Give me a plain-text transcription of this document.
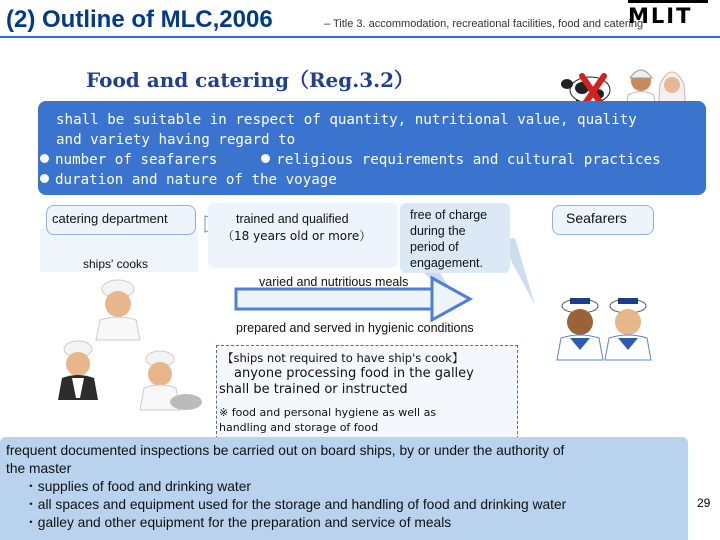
(2) Outline of MLC,2006	– Title 3. accommodation, recreational facilities, food and catering
MLIT
Food and catering（Reg.3.2）
shall be suitable in respect of quantity, nutritional value, quality
and variety having regard to
number of seafarers	religious requirements and cultural practices
duration and nature of the voyage
catering department
ships' cooks
trained and qualified
（18 years old or more）
free of charge
during the
period of
engagement.
Seafarers
varied and nutritious meals
prepared and served in hygienic conditions
【ships not required to have ship's cook】
anyone processing food in the galley
shall be trained or instructed
※ food and personal hygiene as well as
handling and storage of food
frequent documented inspections be carried out on board ships, by or under the authority of
the master
・supplies of food and drinking water
・all spaces and equipment used for the storage and handling of food and drinking water
・galley and other equipment for the preparation and service of meals
29
